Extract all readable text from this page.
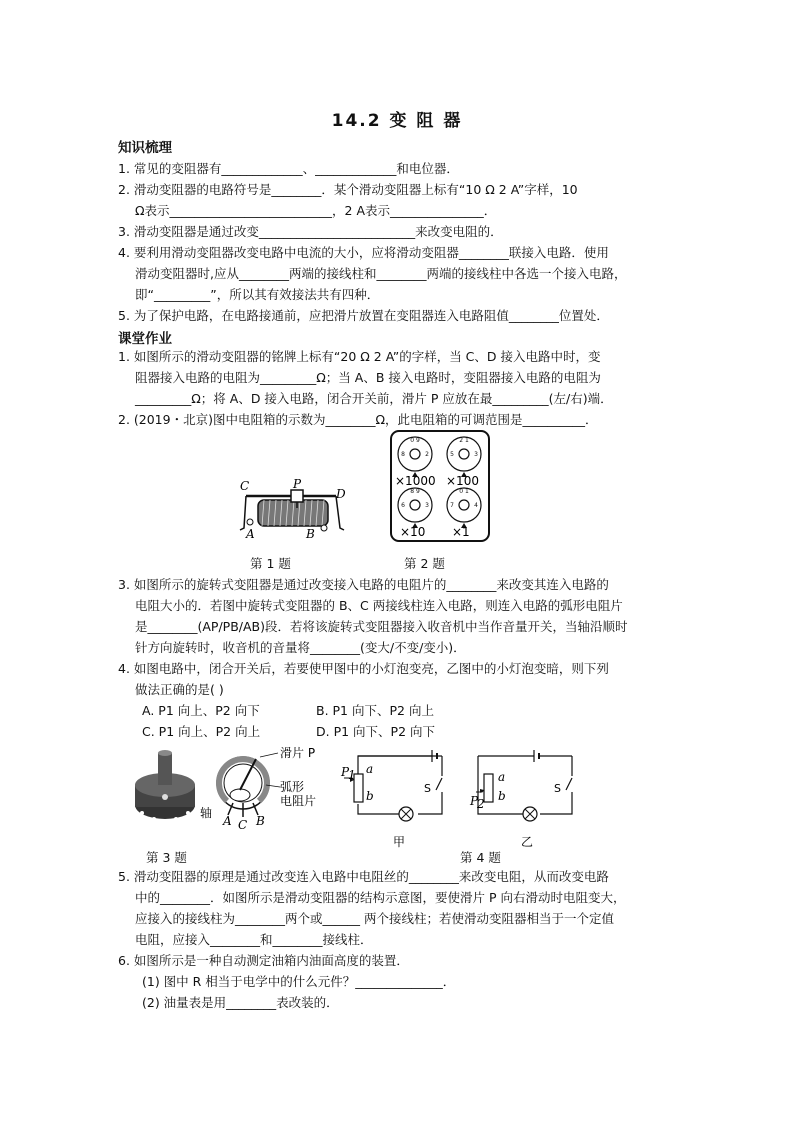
14.2 变 阻 器
知识梳理
1. 常见的变阻器有_____________、_____________和电位器．
2. 滑动变阻器的电路符号是________．某个滑动变阻器上标有“10 Ω 2 A”字样，10
Ω表示__________________________，2 A表示_______________．
3. 滑动变阻器是通过改变_________________________来改变电阻的．
4. 要利用滑动变阻器改变电路中电流的大小，应将滑动变阻器________联接入电路．使用
滑动变阻器时,应从________两端的接线柱和________两端的接线柱中各选一个接入电路，
即“_________”，所以其有效接法共有四种．
5. 为了保护电路，在电路接通前，应把滑片放置在变阻器连入电路阻值________位置处．
课堂作业
1. 如图所示的滑动变阻器的铭牌上标有“20 Ω 2 A”的字样，当 C、D 接入电路中时，变
阻器接入电路的电阻为_________Ω；当 A、B 接入电路时，变阻器接入电路的电阻为
_________Ω；将 A、D 接入电路，闭合开关前，滑片 P 应放在最_________(左/右)端．
2. (2019・北京)图中电阻箱的示数为________Ω，此电阻箱的可调范围是__________．
C	P
D
A	B
0 9	2 1
8 9	0 1
8	2	5	3
6	3	7	4
×1000 ×100
×10 ×1
第 1 题	第 2 题
3. 如图所示的旋转式变阻器是通过改变接入电路的电阻片的________来改变其连入电路的
电阻大小的．若图中旋转式变阻器的 B、C 两接线柱连入电路，则连入电路的弧形电阻片
是________(AP/PB/AB)段．若将该旋转式变阻器接入收音机中当作音量开关，当轴沿顺时
针方向旋转时，收音机的音量将________(变大/不变/变小)．
4. 如图电路中，闭合开关后，若要使甲图中的小灯泡变亮，乙图中的小灯泡变暗，则下列
做法正确的是( )
A. P1 向上、P2 向下	B. P1 向下、P2 向上
C. P1 向上、P2 向上	D. P1 向下、P2 向下
滑片 P
弧形
电阻片
轴
A C B
P
1 a
b
S
甲
P
2
a
b
S
乙
第 3 题	第 4 题
5. 滑动变阻器的原理是通过改变连入电路中电阻丝的________来改变电阻，从而改变电路
中的________．如图所示是滑动变阻器的结构示意图，要使滑片 P 向右滑动时电阻变大，
应接入的接线柱为________两个或______ 两个接线柱；若使滑动变阻器相当于一个定值
电阻，应接入________和________接线柱．
6. 如图所示是一种自动测定油箱内油面高度的装置．
(1) 图中 R 相当于电学中的什么元件？______________．
(2) 油量表是用________表改装的．
